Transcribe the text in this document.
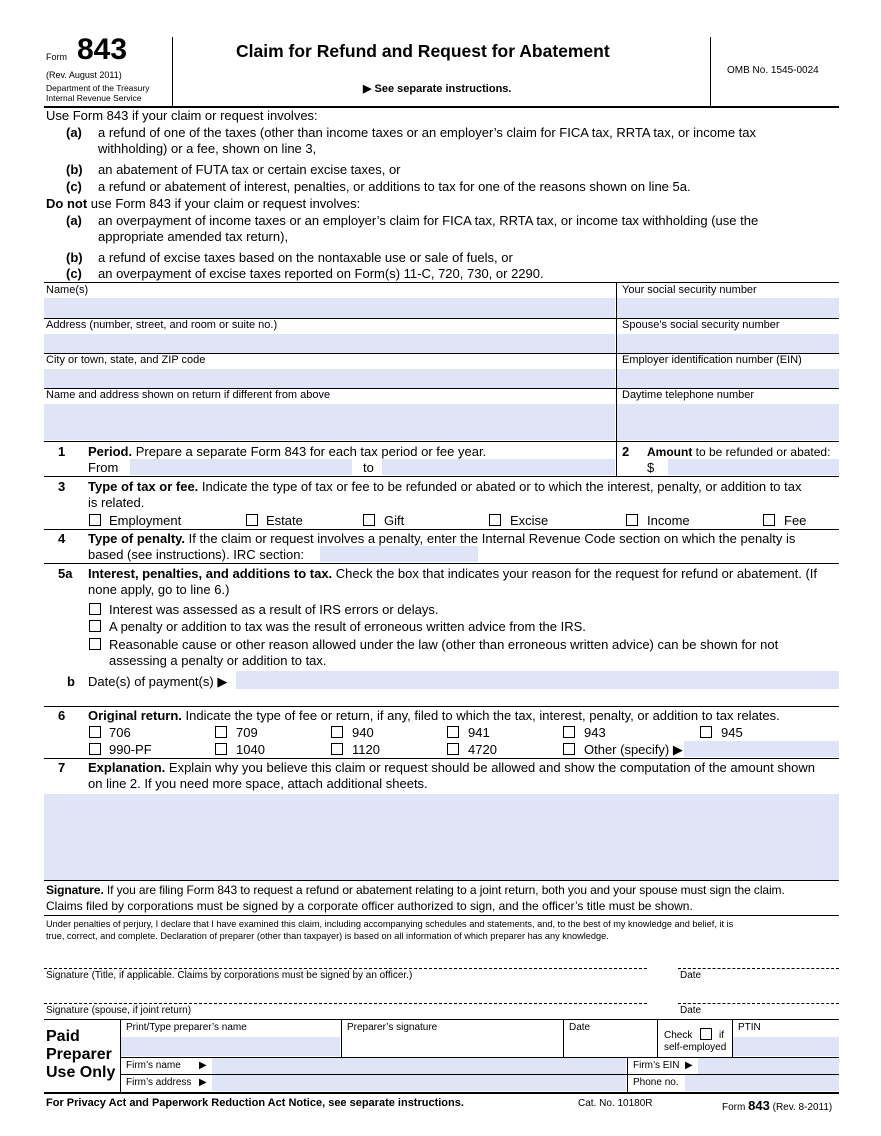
Form 843
(Rev. August 2011)
Department of the Treasury
Internal Revenue Service
Claim for Refund and Request for Abatement
▶ See separate instructions.
OMB No. 1545-0024
Use Form 843 if your claim or request involves:
(a) a refund of one of the taxes (other than income taxes or an employer’s claim for FICA tax, RRTA tax, or income tax
withholding) or a fee, shown on line 3,
(b) an abatement of FUTA tax or certain excise taxes, or
(c) a refund or abatement of interest, penalties, or additions to tax for one of the reasons shown on line 5a.
Do not use Form 843 if your claim or request involves:
(a) an overpayment of income taxes or an employer’s claim for FICA tax, RRTA tax, or income tax withholding (use the
appropriate amended tax return),
(b) a refund of excise taxes based on the nontaxable use or sale of fuels, or
(c) an overpayment of excise taxes reported on Form(s) 11-C, 720, 730, or 2290.
Name(s)	Your social security number
Address (number, street, and room or suite no.)	Spouse’s social security number
City or town, state, and ZIP code	Employer identification number (EIN)
Name and address shown on return if different from above	Daytime telephone number
1 Period. Prepare a separate Form 843 for each tax period or fee year.
From	to
2 Amount to be refunded or abated:
$
3 Type of tax or fee. Indicate the type of tax or fee to be refunded or abated or to which the interest, penalty, or addition to tax
is related.
Employment	Estate	Gift	Excise	Income	Fee
4 Type of penalty. If the claim or request involves a penalty, enter the Internal Revenue Code section on which the penalty is
based (see instructions). IRC section:
5a Interest, penalties, and additions to tax. Check the box that indicates your reason for the request for refund or abatement. (If
none apply, go to line 6.)
Interest was assessed as a result of IRS errors or delays.
A penalty or addition to tax was the result of erroneous written advice from the IRS.
Reasonable cause or other reason allowed under the law (other than erroneous written advice) can be shown for not
assessing a penalty or addition to tax.
b Date(s) of payment(s) ▶
6 Original return. Indicate the type of fee or return, if any, filed to which the tax, interest, penalty, or addition to tax relates.
706	709	940	941	943	945
990-PF	1040	1120	4720	Other (specify) ▶
7 Explanation. Explain why you believe this claim or request should be allowed and show the computation of the amount shown
on line 2. If you need more space, attach additional sheets.
Signature. If you are filing Form 843 to request a refund or abatement relating to a joint return, both you and your spouse must sign the claim.
Claims filed by corporations must be signed by a corporate officer authorized to sign, and the officer’s title must be shown.
Under penalties of perjury, I declare that I have examined this claim, including accompanying schedules and statements, and, to the best of my knowledge and belief, it is
true, correct, and complete. Declaration of preparer (other than taxpayer) is based on all information of which preparer has any knowledge.
Signature (Title, if applicable. Claims by corporations must be signed by an officer.)	Date
Signature (spouse, if joint return)	Date
Paid
Preparer
Use Only
Print/Type preparer’s name	Preparer’s signature	Date
Check	if
self-employed
PTIN
Firm’s name ▶	Firm’s EIN ▶
Firm’s address ▶	Phone no.
For Privacy Act and Paperwork Reduction Act Notice, see separate instructions.	Cat. No. 10180R	Form 843 (Rev. 8-2011)
